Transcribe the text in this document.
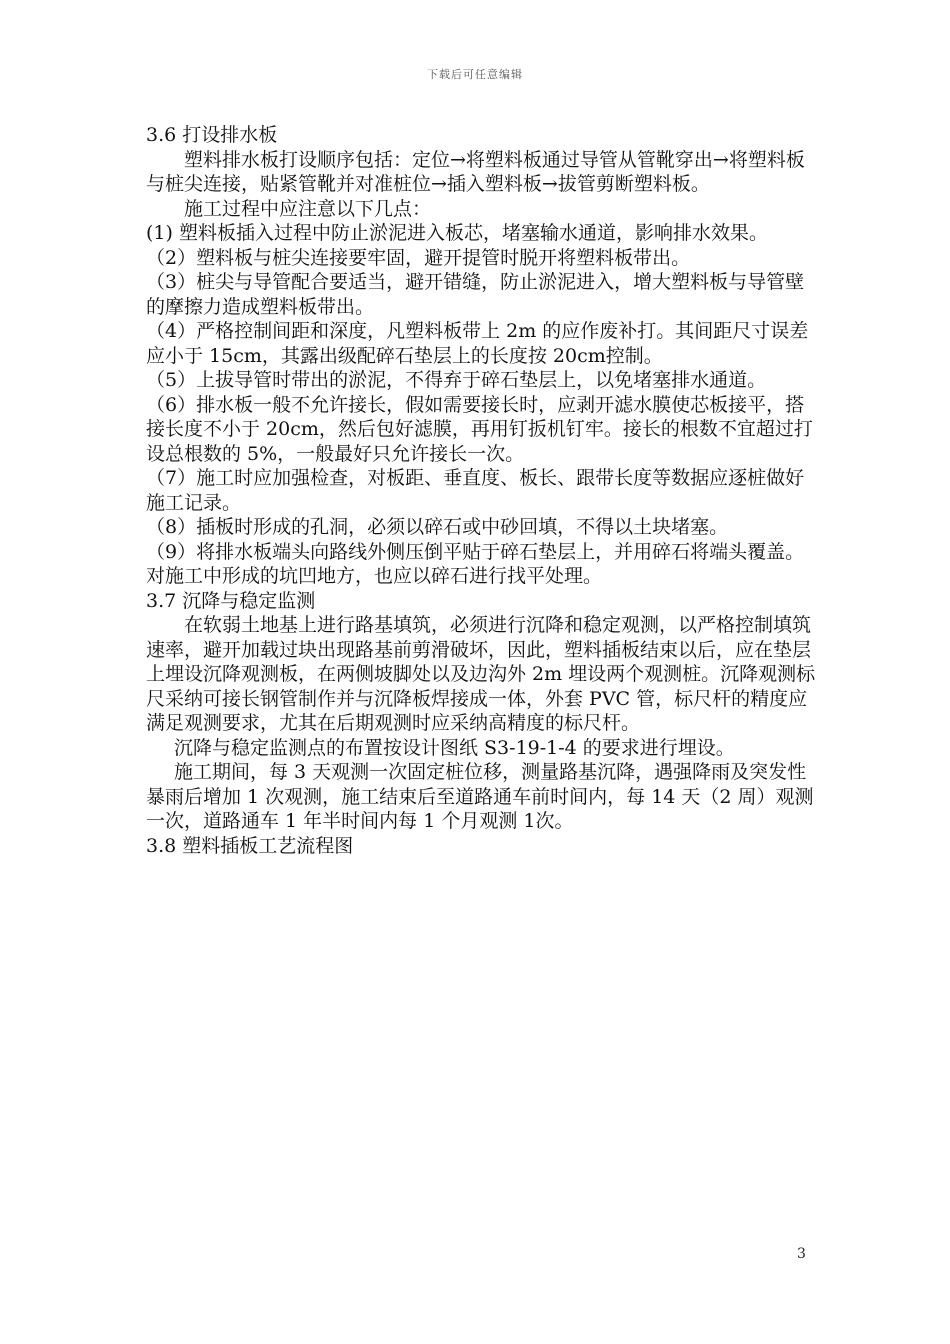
下载后可任意编辑

3.6 打设排水板

塑料排水板打设顺序包括：定位→将塑料板通过导管从管靴穿出→将塑料板与桩尖连接，贴紧管靴并对准桩位→插入塑料板→拔管剪断塑料板。

施工过程中应注意以下几点：

(1) 塑料板插入过程中防止淤泥进入板芯，堵塞输水通道，影响排水效果。

（2）塑料板与桩尖连接要牢固，避开提管时脱开将塑料板带出。

（3）桩尖与导管配合要适当，避开错缝，防止淤泥进入，增大塑料板与导管壁的摩擦力造成塑料板带出。

（4）严格控制间距和深度，凡塑料板带上 2m 的应作废补打。其间距尺寸误差应小于 15cm，其露出级配碎石垫层上的长度按 20cm控制。

（5）上拔导管时带出的淤泥，不得弃于碎石垫层上，以免堵塞排水通道。

（6）排水板一般不允许接长，假如需要接长时，应剥开滤水膜使芯板接平，搭接长度不小于 20cm，然后包好滤膜，再用钉扳机钉牢。接长的根数不宜超过打设总根数的 5%，一般最好只允许接长一次。

（7）施工时应加强检查，对板距、垂直度、板长、跟带长度等数据应逐桩做好施工记录。

（8）插板时形成的孔洞，必须以碎石或中砂回填，不得以土块堵塞。

（9）将排水板端头向路线外侧压倒平贴于碎石垫层上，并用碎石将端头覆盖。对施工中形成的坑凹地方，也应以碎石进行找平处理。

3.7 沉降与稳定监测

在软弱土地基上进行路基填筑，必须进行沉降和稳定观测，以严格控制填筑速率，避开加载过块出现路基前剪滑破坏，因此，塑料插板结束以后，应在垫层上埋设沉降观测板，在两侧坡脚处以及边沟外 2m 埋设两个观测桩。沉降观测标尺采纳可接长钢管制作并与沉降板焊接成一体，外套 PVC 管，标尺杆的精度应满足观测要求，尤其在后期观测时应采纳高精度的标尺杆。

沉降与稳定监测点的布置按设计图纸 S3-19-1-4 的要求进行埋设。

施工期间，每 3 天观测一次固定桩位移，测量路基沉降，遇强降雨及突发性暴雨后增加 1 次观测，施工结束后至道路通车前时间内，每 14 天（2 周）观测一次，道路通车 1 年半时间内每 1 个月观测 1次。

3.8 塑料插板工艺流程图

3
